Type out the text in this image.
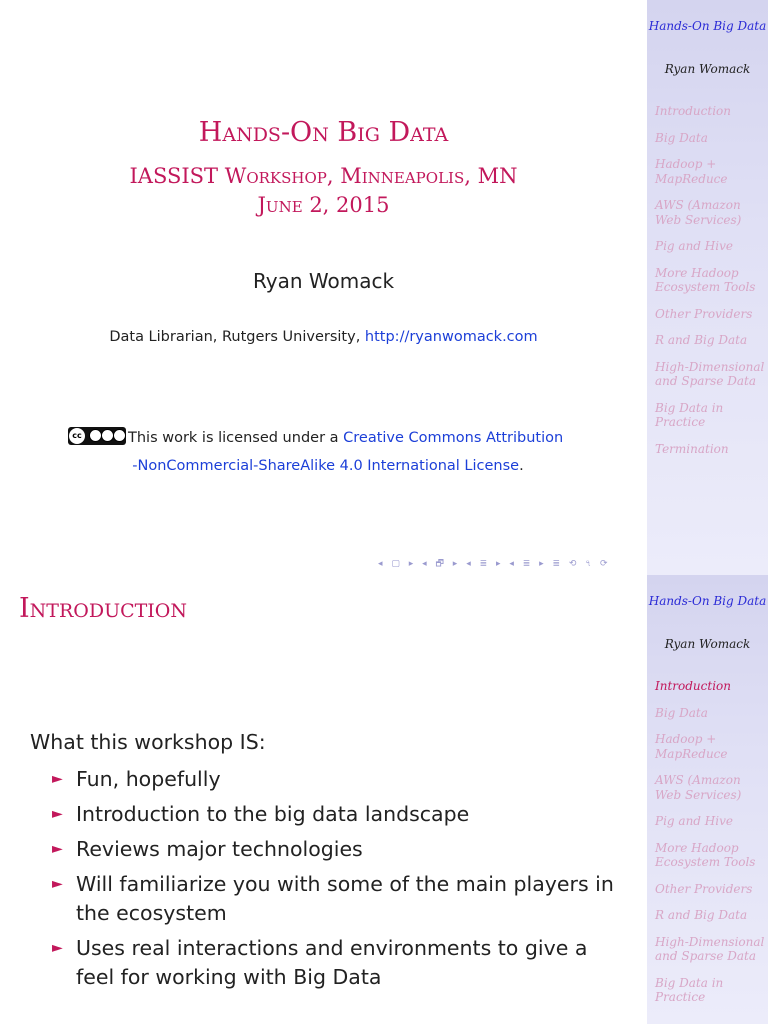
Hands-On Big Data
IASSIST Workshop, Minneapolis, MN
June 2, 2015
Ryan Womack
Data Librarian, Rutgers University, http://ryanwomack.com
cc	This work is licensed under a Creative Commons Attribution
-NonCommercial-ShareAlike 4.0 International License.
◂ ▢ ▸ ◂ 🗗 ▸ ◂ ≣ ▸ ◂ ≣ ▸ ≣ ⟲ ৭ ⟳
Hands-On Big Data
Ryan Womack
Introduction
Big Data
Hadoop + MapReduce
AWS (Amazon Web Services)
Pig and Hive
More Hadoop Ecosystem Tools
Other Providers
R and Big Data
High-Dimensional and Sparse Data
Big Data in Practice
Termination
Introduction
What this workshop IS:
► Fun, hopefully
► Introduction to the big data landscape
► Reviews major technologies
► Will familiarize you with some of the main players in the ecosystem
► Uses real interactions and environments to give a feel for working with Big Data
Hands-On Big Data
Ryan Womack
Introduction
Big Data
Hadoop + MapReduce
AWS (Amazon Web Services)
Pig and Hive
More Hadoop Ecosystem Tools
Other Providers
R and Big Data
High-Dimensional and Sparse Data
Big Data in Practice
